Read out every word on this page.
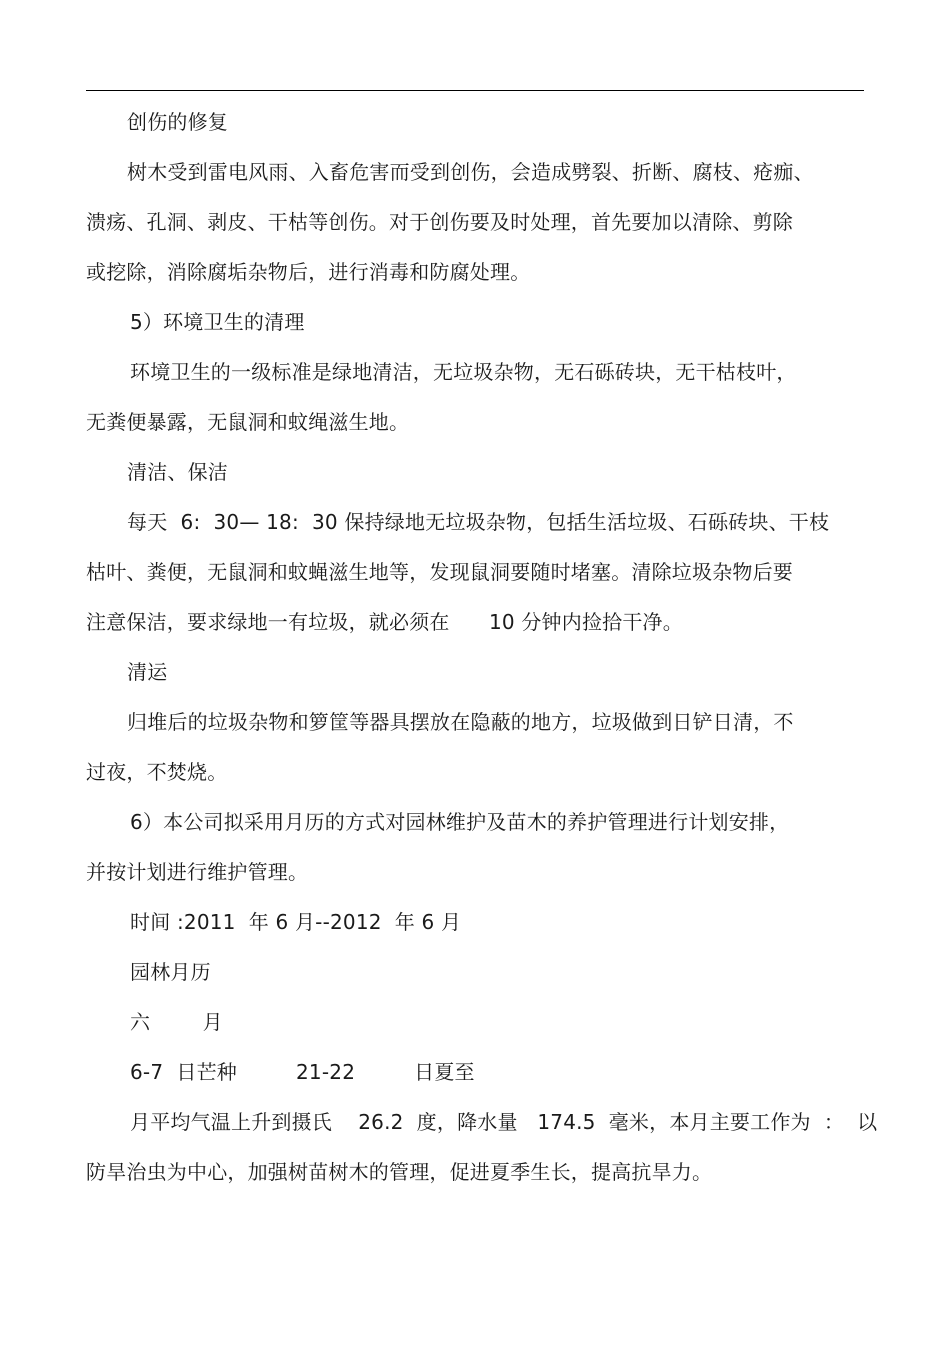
创伤的修复
树木受到雷电风雨、入畜危害而受到创伤，会造成劈裂、折断、腐枝、疮痂、
溃疡、孔洞、剥皮、干枯等创伤。对于创伤要及时处理，首先要加以清除、剪除
或挖除，消除腐垢杂物后，进行消毒和防腐处理。
5）环境卫生的清理
环境卫生的一级标准是绿地清洁，无垃圾杂物，无石砾砖块，无干枯枝叶，
无粪便暴露，无鼠洞和蚊绳滋生地。
清洁、保洁
每天  6:  30— 18:  30 保持绿地无垃圾杂物，包括生活垃圾、石砾砖块、干枝
枯叶、粪便，无鼠洞和蚊蝇滋生地等，发现鼠洞要随时堵塞。清除垃圾杂物后要
注意保洁，要求绿地一有垃圾，就必须在      10 分钟内捡拾干净。
清运
归堆后的垃圾杂物和箩筐等器具摆放在隐蔽的地方，垃圾做到日铲日清，不
过夜，不焚烧。
6）本公司拟采用月历的方式对园林维护及苗木的养护管理进行计划安排，
并按计划进行维护管理。
时间 :2011  年 6 月--2012  年 6 月
园林月历
六        月
6-7  日芒种         21-22         日夏至
月平均气温上升到摄氏    26.2  度，降水量   174.5  毫米，本月主要工作为  ：  以
防旱治虫为中心，加强树苗树木的管理，促进夏季生长，提高抗旱力。
